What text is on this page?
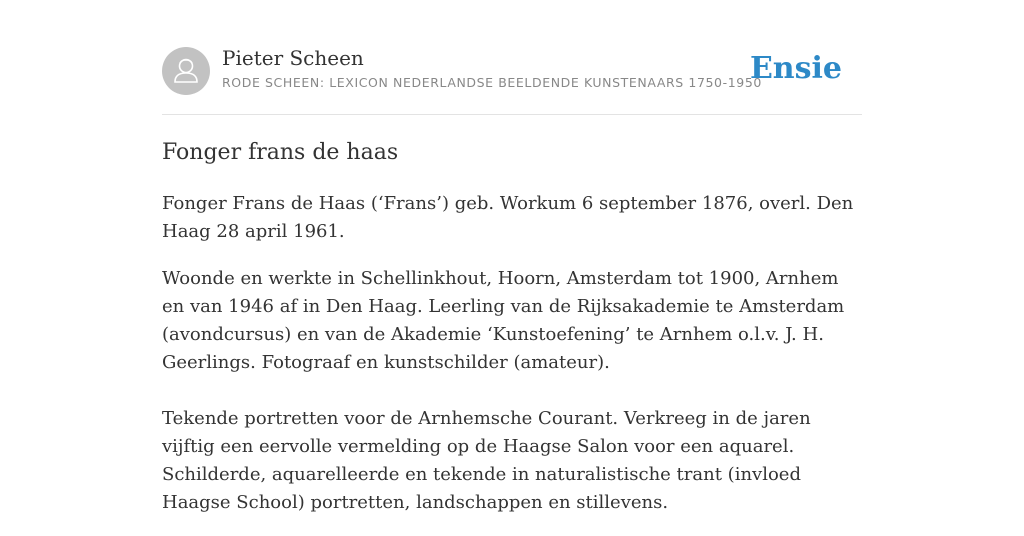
Pieter Scheen
RODE SCHEEN: LEXICON NEDERLANDSE BEELDENDE KUNSTENAARS 1750-1950
Ensie
Fonger frans de haas

Fonger Frans de Haas (‘Frans’) geb. Workum 6 september 1876, overl. Den Haag 28 april 1961.

Woonde en werkte in Schellinkhout, Hoorn, Amsterdam tot 1900, Arnhem en van 1946 af in Den Haag. Leerling van de Rijksakademie te Amsterdam (avondcursus) en van de Akademie ‘Kunstoefening’ te Arnhem o.l.v. J. H. Geerlings. Fotograaf en kunstschilder (amateur).

Tekende portretten voor de Arnhemsche Courant. Verkreeg in de jaren vijftig een eervolle vermelding op de Haagse Salon voor een aquarel. Schilderde, aquarelleerde en tekende in naturalistische trant (invloed Haagse School) portretten, landschappen en stillevens.
